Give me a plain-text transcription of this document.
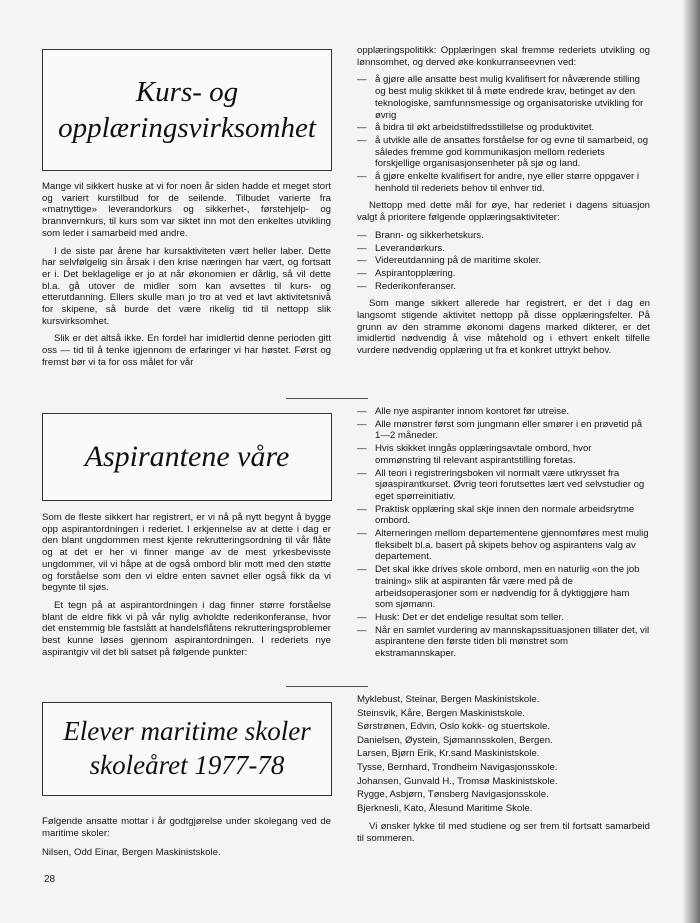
Kurs- og
opplæringsvirksomhet

Mange vil sikkert huske at vi for noen år siden hadde et meget stort og variert kurstilbud for de seilende. Tilbudet varierte fra «matnyttige» leverandorkurs og sikkerhet-, førstehjelp- og brannvernkurs, til kurs som var siktet inn mot den enkeltes utvikling som leder i samarbeid med andre.

I de siste par årene har kursaktiviteten vært heller laber. Dette har selvfølgelig sin årsak i den krise næringen har vært, og fortsatt er i. Det beklagelige er jo at når økonomien er dårlig, så vil dette bl.a. gå utover de midler som kan avsettes til kurs- og etterutdanning. Ellers skulle man jo tro at ved et lavt aktivitetsnivå for skipene, så burde det være rikelig tid til nettopp slik kursvirksomhet.

Slik er det altså ikke. En fordel har imidlertid denne perioden gitt oss — tid til å tenke igjennom de erfaringer vi har høstet. Først og fremst bør vi ta for oss målet for vår

opplæringspolitikk: Opplæringen skal fremme rederiets utvikling og lønnsomhet, og derved øke konkurranseevnen ved:

— å gjøre alle ansatte best mulig kvalifisert for nåværende stilling og best mulig skikket til å møte endrede krav, betinget av den teknologiske, samfunnsmessige og organisatoriske utvikling for øvrig
— å bidra til økt arbeidstilfredsstillelse og produktivitet.
— å utvikle alle de ansattes forståelse for og evne til samarbeid, og således fremme god kommunikasjon mellom rederiets forskjellige organisasjonsenheter på sjø og land.
— å gjøre enkelte kvalifisert for andre, nye eller større oppgaver i henhold til rederiets behov til enhver tid.

Nettopp med dette mål for øye, har rederiet i dagens situasjon valgt å prioritere følgende opplæringsaktiviteter:

— Brann- og sikkerhetskurs.
— Leverandørkurs.
— Videreutdanning på de maritime skoler.
— Aspirantopplæring.
— Rederikonferanser.

Som mange sikkert allerede har registrert, er det i dag en langsomt stigende aktivitet nettopp på disse opplæringsfelter. På grunn av den stramme økonomi dagens marked dikterer, er det imidlertid nødvendig å vise måtehold og i ethvert enkelt tilfelle vurdere nødvendig opplæring ut fra et konkret uttrykt behov.

Aspirantene våre

Som de fleste sikkert har registrert, er vi nå på nytt begynt å bygge opp aspirantordningen i rederiet. I erkjennelse av at dette i dag er den blant ungdommen mest kjente rekrutteringsordning til vår flåte og at det er her vi finner mange av de mest yrkesbevisste ungdommer, vil vi håpe at de også ombord blir mott med den støtte og forståelse som den vi eldre enten savnet eller også fikk da vi begynte til sjøs.

Et tegn på at aspirantordningen i dag finner større forståelse blant de eldre fikk vi på vår nylig avholdte rederikonferanse, hvor det enstemmig ble fastslått at handelsflåtens rekrutteringsproblemer best kunne løses gjennom aspirantordningen. I rederiets nye aspirantgiv vil det bli satset på følgende punkter:

— Alle nye aspiranter innom kontoret før utreise.
— Alle mønstrer først som jungmann eller smører i en prøvetid på 1—2 måneder.
— Hvis skikket inngås opplæringsavtale ombord, hvor ommønstring til relevant aspirantstilling foretas.
— All teori i registreringsboken vil normalt være utkrysset fra sjøaspirantkurset. Øvrig teori forutsettes lært ved selvstudier og eget spørreinitiativ.
— Praktisk opplæring skal skje innen den normale arbeidsrytme ombord.
— Alterneringen mellom departementene gjennomføres mest mulig fleksibelt bl.a. basert på skipets behov og aspirantens valg av departement.
— Det skal ikke drives skole ombord, men en naturlig «on the job training» slik at aspiranten får være med på de arbeidsoperasjoner som er nødvendig for å dyktiggjøre ham som sjømann.
— Husk: Det er det endelige resultat som teller.
— Når en samlet vurdering av mannskapssituasjonen tillater det, vil aspirantene den første tiden bli mønstret som ekstramannskaper.
Elever maritime skoler
skoleåret 1977-78

Følgende ansatte mottar i år godtgjørelse under skolegang ved de maritime skoler:

Nilsen, Odd Einar, Bergen Maskinistskole.
Myklebust, Steinar, Bergen Maskinistskole.
Steinsvik, Kåre, Bergen Maskinistskole.
Sørstrønen, Edvin, Oslo kokk- og stuertskole.
Danielsen, Øystein, Sjømannsskolen, Bergen.
Larsen, Bjørn Erik, Kr.sand Maskinistskole.
Tysse, Bernhard, Trondheim Navigasjonsskole.
Johansen, Gunvald H., Tromsø Maskinistskole.
Rygge, Asbjørn, Tønsberg Navigasjonsskole.
Bjerknesli, Kato, Ålesund Maritime Skole.

Vi ønsker lykke til med studiene og ser frem til fortsatt samarbeid til sommeren.

28
